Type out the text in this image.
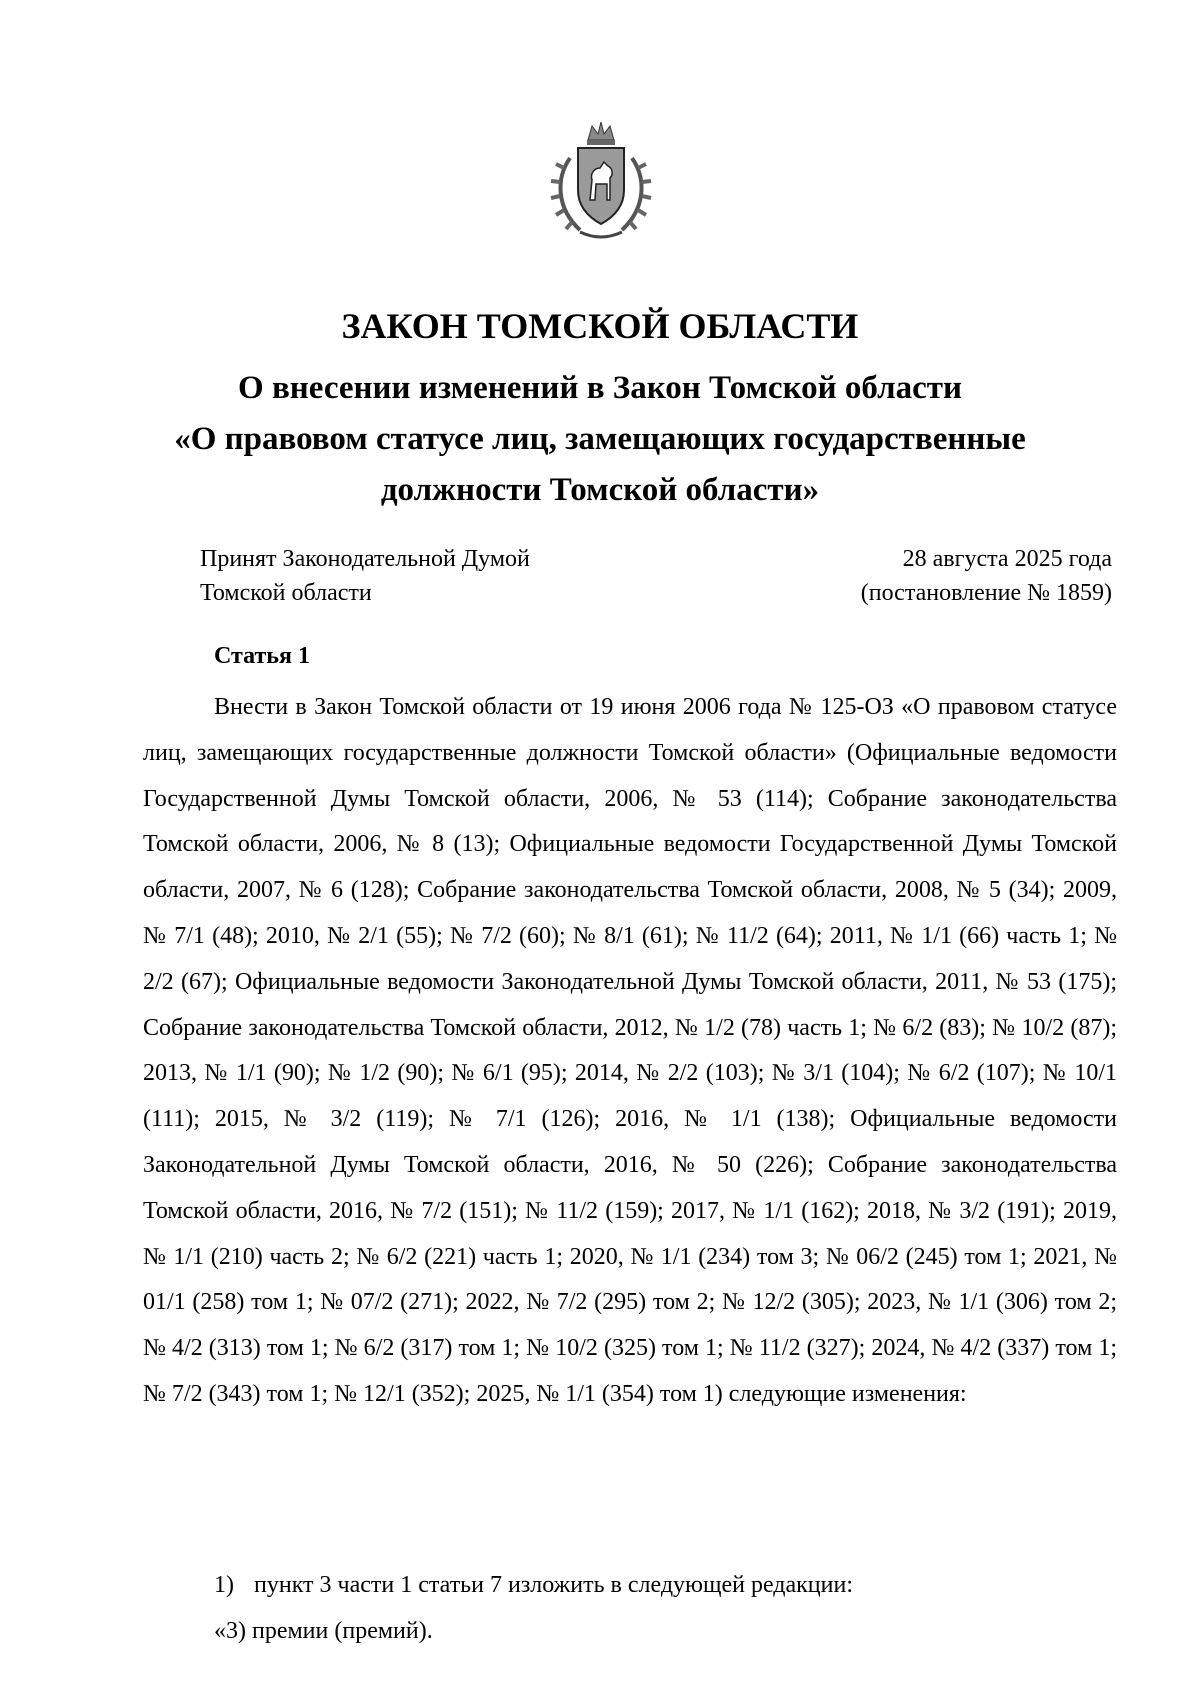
ЗАКОН ТОМСКОЙ ОБЛАСТИ
О внесении изменений в Закон Томской области
«О правовом статусе лиц, замещающих государственные
должности Томской области»
Принят Законодательной Думой
Томской области
28 августа 2025 года
(постановление № 1859)
Статья 1

Внести в Закон Томской области от 19 июня 2006 года № 125-ОЗ «О правовом статусе лиц, замещающих государственные должности Томской области» (Официальные ведомости Государственной Думы Томской области, 2006, № 53 (114); Собрание законодательства Томской области, 2006, № 8 (13); Официальные ведомости Государственной Думы Томской области, 2007, № 6 (128); Собрание законодательства Томской области, 2008, № 5 (34); 2009, № 7/1 (48); 2010, № 2/1 (55); № 7/2 (60); № 8/1 (61); № 11/2 (64); 2011, № 1/1 (66) часть 1; № 2/2 (67); Официальные ведомости Законодательной Думы Томской области, 2011, № 53 (175); Собрание законодательства Томской области, 2012, № 1/2 (78) часть 1; № 6/2 (83); № 10/2 (87); 2013, № 1/1 (90); № 1/2 (90); № 6/1 (95); 2014, № 2/2 (103); № 3/1 (104); № 6/2 (107); № 10/1 (111); 2015, № 3/2 (119); № 7/1 (126); 2016, № 1/1 (138); Официальные ведомости Законодательной Думы Томской области, 2016, № 50 (226); Собрание законодательства Томской области, 2016, № 7/2 (151); № 11/2 (159); 2017, № 1/1 (162); 2018, № 3/2 (191); 2019, № 1/1 (210) часть 2; № 6/2 (221) часть 1; 2020, № 1/1 (234) том 3; № 06/2 (245) том 1; 2021, № 01/1 (258) том 1; № 07/2 (271); 2022, № 7/2 (295) том 2; № 12/2 (305); 2023, № 1/1 (306) том 2; № 4/2 (313) том 1; № 6/2 (317) том 1; № 10/2 (325) том 1; № 11/2 (327); 2024, № 4/2 (337) том 1; № 7/2 (343) том 1; № 12/1 (352); 2025, № 1/1 (354) том 1) следующие изменения:

1) пункт 3 части 1 статьи 7 изложить в следующей редакции:
«3) премии (премий).
